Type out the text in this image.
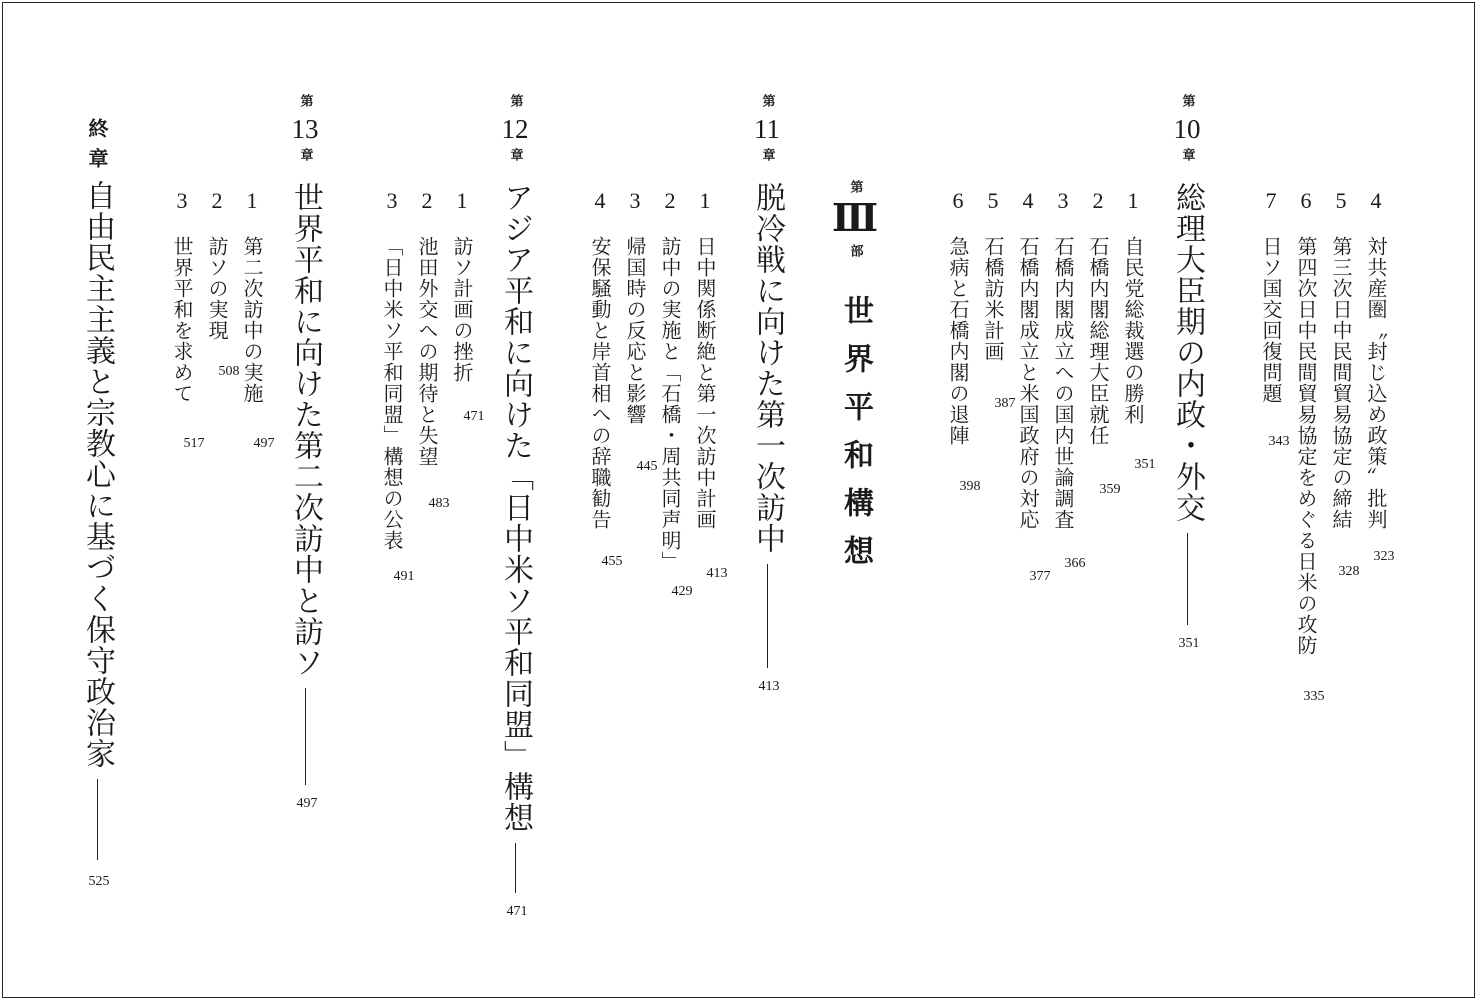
4
対共産圏〝封じ込め政策〟批判
323
5
第三次日中民間貿易協定の締結
328
6
第四次日中民間貿易協定をめぐる日米の攻防
335
7
日ソ国交回復問題
343
第
10
章
総理大臣期の内政・外交
351
1
自民党総裁選の勝利
351
2
石橋内閣総理大臣就任
359
3
石橋内閣成立への国内世論調査
366
4
石橋内閣成立と米国政府の対応
377
5
石橋訪米計画
387
6
急病と石橋内閣の退陣
398
第
11
章
脱冷戦に向けた第一次訪中
413
1
日中関係断絶と第一次訪中計画
413
2
訪中の実施と「石橋・周共同声明」
429
3
帰国時の反応と影響
445
4
安保騒動と岸首相への辞職勧告
455
第
12
章
アジア平和に向けた「日中米ソ平和同盟」構想
471
1
訪ソ計画の挫折
471
2
池田外交への期待と失望
483
3
「日中米ソ平和同盟」構想の公表
491
第
13
章
世界平和に向けた第二次訪中と訪ソ
497
1
第二次訪中の実施
497
2
訪ソの実現
508
3
世界平和を求めて
517
第
Ⅲ
部
世界平和構想
終章
自由民主主義と宗教心に基づく保守政治家
525
